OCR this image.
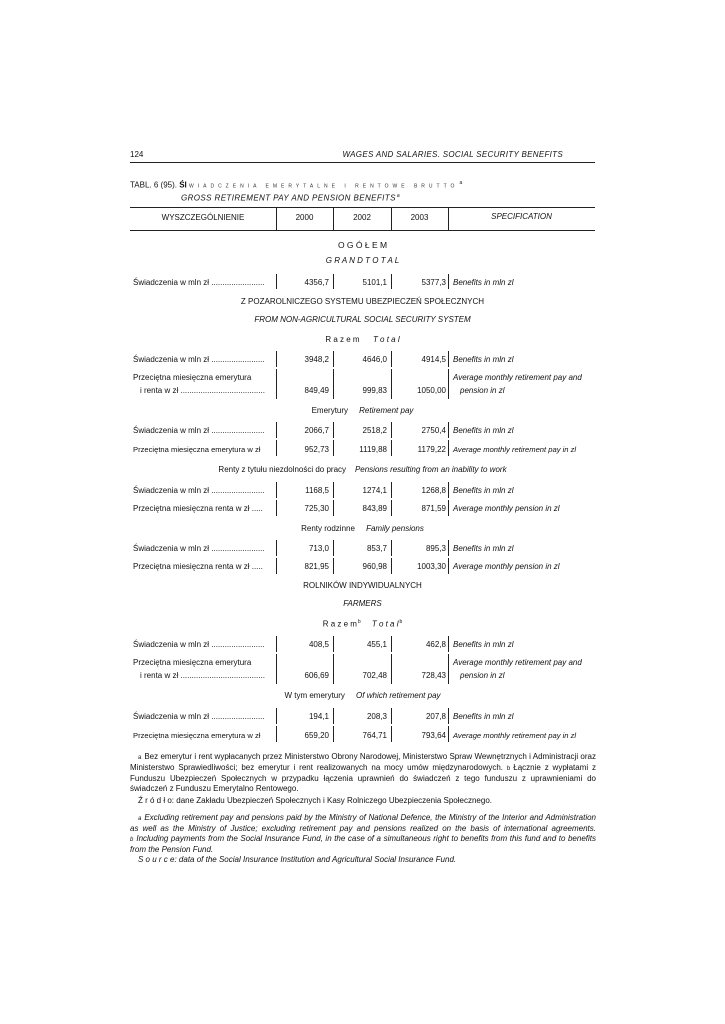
124	WAGES AND SALARIES. SOCIAL SECURITY BENEFITS
TABL. 6 (95). ŚI WIADCZENIA EMERYTALNE I RENTOWE BRUTTO$^a$
GROSS RETIREMENT PAY AND PENSION BENEFITS$^a$
WYSZCZEGÓLNIENIE	2000	2002	2003	SPECIFICATION
O G Ó Ł E M
G R A N D T O T A L
Świadczenia w mln zł ........................	4356,7	5101,1	5377,3 Benefits in mln zl
Z POZAROLNICZEGO SYSTEMU UBEZPIECZEŃ SPOŁECZNYCH
FROM NON-AGRICULTURAL SOCIAL SECURITY SYSTEM
R a z e m T o t a l
Świadczenia w mln zł ........................	3948,2	4646,0	4914,5 Benefits in mln zl
Przeciętna miesięczna emerytura
i renta w zł ......................................	849,49	999,83	1050,00
Average monthly retirement pay and
pension in zl
Emerytury Retirement pay
Świadczenia w mln zł ........................	2066,7	2518,2	2750,4 Benefits in mln zl
Przeciętna miesięczna emerytura w zł	952,73	1119,88	1179,22 Average monthly retirement pay in zl
Renty z tytułu niezdolności do pracy Pensions resulting from an inability to work
Świadczenia w mln zł ........................	1168,5	1274,1	1268,8 Benefits in mln zl
Przeciętna miesięczna renta w zł .....	725,30	843,89	871,59 Average monthly pension in zl
Renty rodzinne Family pensions
Świadczenia w mln zł ........................	713,0	853,7	895,3 Benefits in mln zl
Przeciętna miesięczna renta w zł .....	821,95	960,98	1003,30 Average monthly pension in zl
ROLNIKÓW INDYWIDUALNYCH
FARMERS
R a z e $m^b$ T o t a $l^b$
Świadczenia w mln zł ........................	408,5	455,1	462,8 Benefits in mln zl
Przeciętna miesięczna emerytura
i renta w zł ......................................	606,69	702,48	728,43
Average monthly retirement pay and
pension in zl
W tym emerytury Of which retirement pay
Świadczenia w mln zł ........................	194,1	208,3	207,8 Benefits in mln zl
Przeciętna miesięczna emerytura w zł	659,20	764,71	793,64 Average monthly retirement pay in zl
a Bez emerytur i rent wypłacanych przez Ministerstwo Obrony Narodowej, Ministerstwo Spraw Wewnętrznych i Administracji oraz Ministerstwo Sprawiedliwości; bez emerytur i rent realizowanych na mocy umów międzynarodowych. b Łącznie z wypłatami z Funduszu Ubezpieczeń Społecznych w przypadku łączenia uprawnień do świadczeń z tego funduszu z uprawnieniami do świadczeń z Funduszu Emerytalno Rentowego.
Ź r ó d ł o: dane Zakładu Ubezpieczeń Społecznych i Kasy Rolniczego Ubezpieczenia Społecznego.
a Excluding retirement pay and pensions paid by the Ministry of National Defence, the Ministry of the Interior and Administration as well as the Ministry of Justice; excluding retirement pay and pensions realized on the basis of international agreements. b Including payments from the Social Insurance Fund, in the case of a simultaneous right to benefits from this fund and to benefits from the Pension Fund.
S o u r c e: data of the Social Insurance Institution and Agricultural Social Insurance Fund.
